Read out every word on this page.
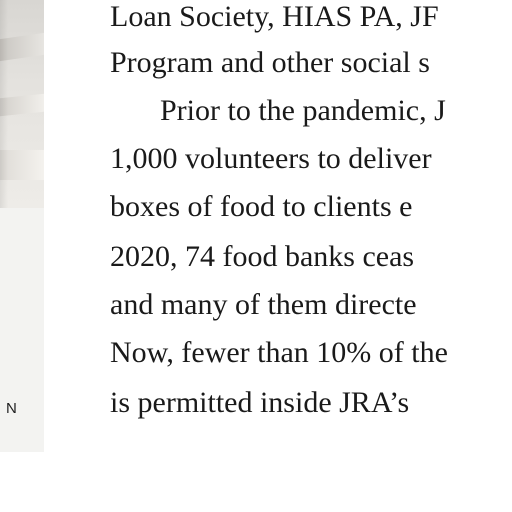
N
Loan Society, HIAS PA, JF
Program and other social s
Prior to the pandemic, J
1,000 volunteers to deliver
boxes of food to clients e
2020, 74 food banks ceas
and many of them directe
Now, fewer than 10% of the
is permitted inside JRA’s
